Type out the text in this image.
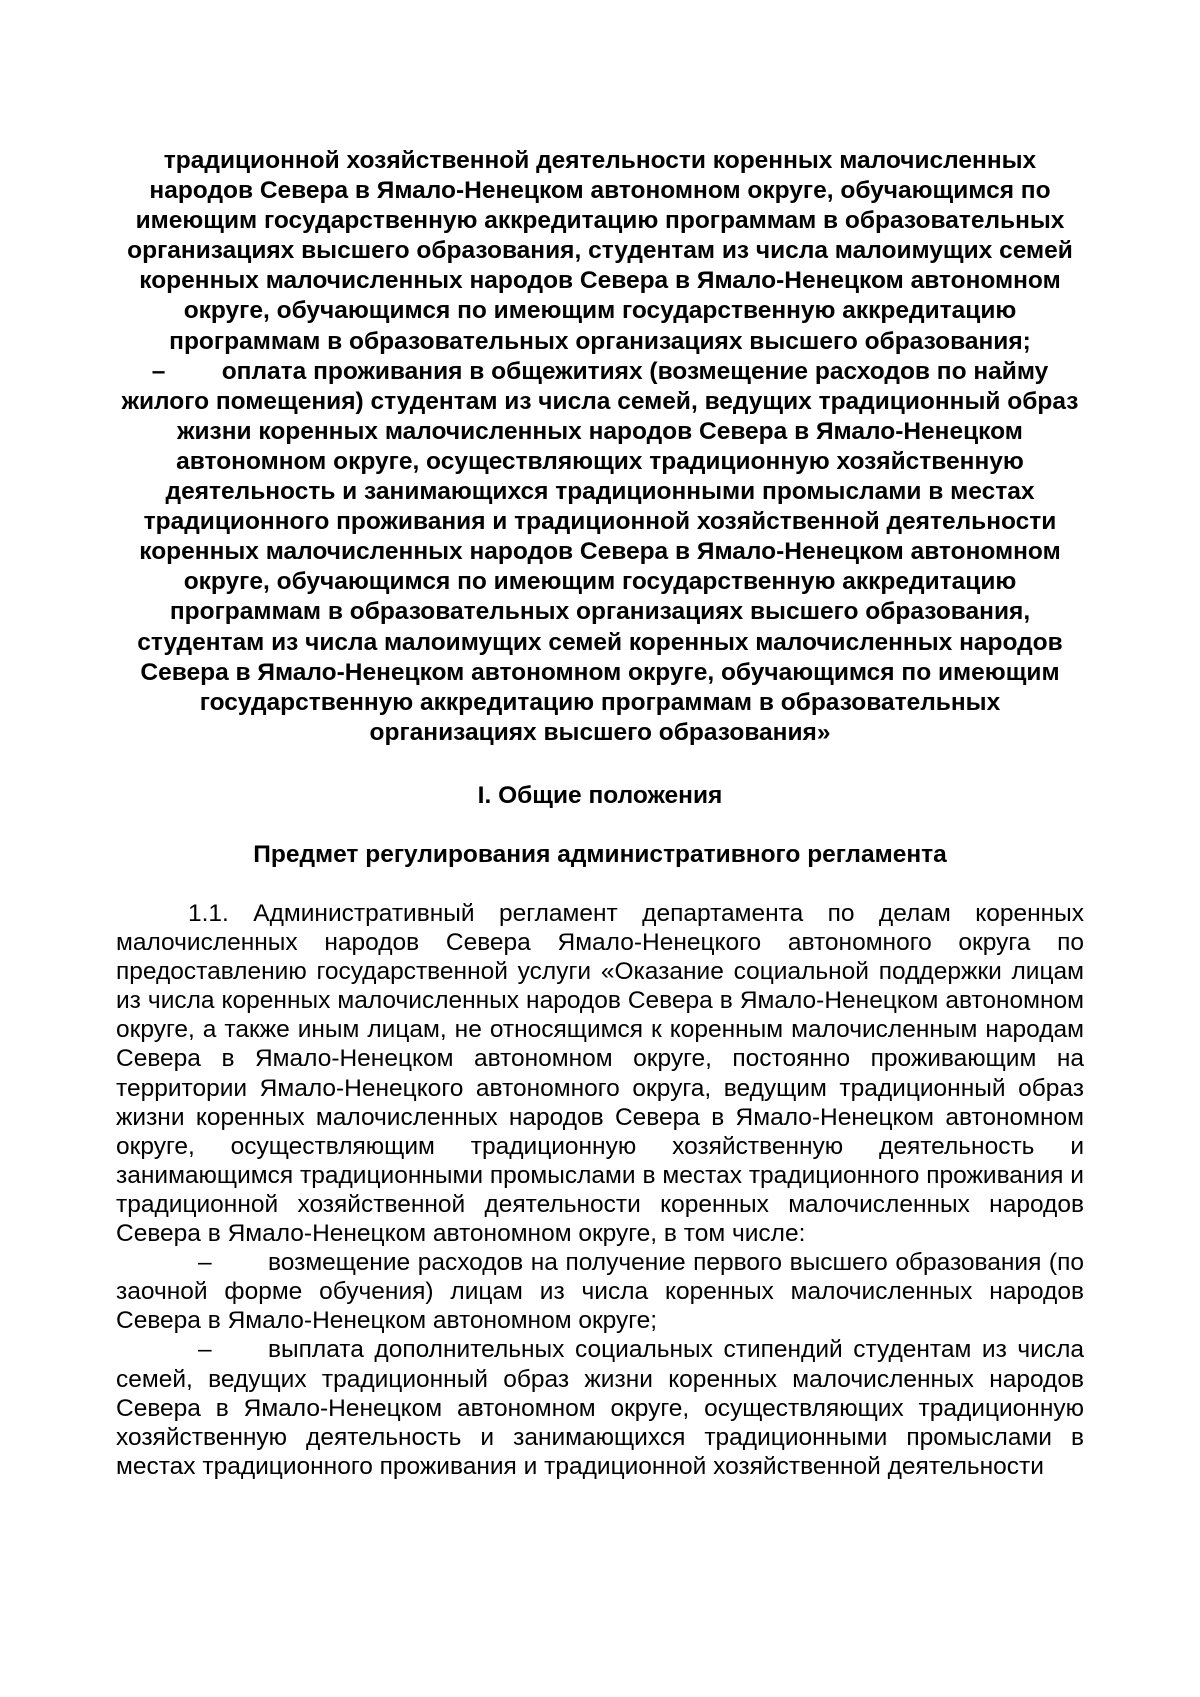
традиционной хозяйственной деятельности коренных малочисленных народов Севера в Ямало-Ненецком автономном округе, обучающимся по имеющим государственную аккредитацию программам в образовательных организациях высшего образования, студентам из числа малоимущих семей коренных малочисленных народов Севера в Ямало-Ненецком автономном округе, обучающимся по имеющим государственную аккредитацию программам в образовательных организациях высшего образования;

– оплата проживания в общежитиях (возмещение расходов по найму жилого помещения) студентам из числа семей, ведущих традиционный образ жизни коренных малочисленных народов Севера в Ямало-Ненецком автономном округе, осуществляющих традиционную хозяйственную деятельность и занимающихся традиционными промыслами в местах традиционного проживания и традиционной хозяйственной деятельности коренных малочисленных народов Севера в Ямало-Ненецком автономном округе, обучающимся по имеющим государственную аккредитацию программам в образовательных организациях высшего образования, студентам из числа малоимущих семей коренных малочисленных народов Севера в Ямало-Ненецком автономном округе, обучающимся по имеющим государственную аккредитацию программам в образовательных организациях высшего образования»

I. Общие положения
Предмет регулирования административного регламента

1.1. Административный регламент департамента по делам коренных малочисленных народов Севера Ямало-Ненецкого автономного округа по предоставлению государственной услуги «Оказание социальной поддержки лицам из числа коренных малочисленных народов Севера в Ямало-Ненецком автономном округе, а также иным лицам, не относящимся к коренным малочисленным народам Севера в Ямало-Ненецком автономном округе, постоянно проживающим на территории Ямало-Ненецкого автономного округа, ведущим традиционный образ жизни коренных малочисленных народов Севера в Ямало-Ненецком автономном округе, осуществляющим традиционную хозяйственную деятельность и занимающимся традиционными промыслами в местах традиционного проживания и традиционной хозяйственной деятельности коренных малочисленных народов Севера в Ямало-Ненецком автономном округе, в том числе:

– возмещение расходов на получение первого высшего образования (по заочной форме обучения) лицам из числа коренных малочисленных народов Севера в Ямало-Ненецком автономном округе;

– выплата дополнительных социальных стипендий студентам из числа семей, ведущих традиционный образ жизни коренных малочисленных народов Севера в Ямало-Ненецком автономном округе, осуществляющих традиционную хозяйственную деятельность и занимающихся традиционными промыслами в местах традиционного проживания и традиционной хозяйственной деятельности
